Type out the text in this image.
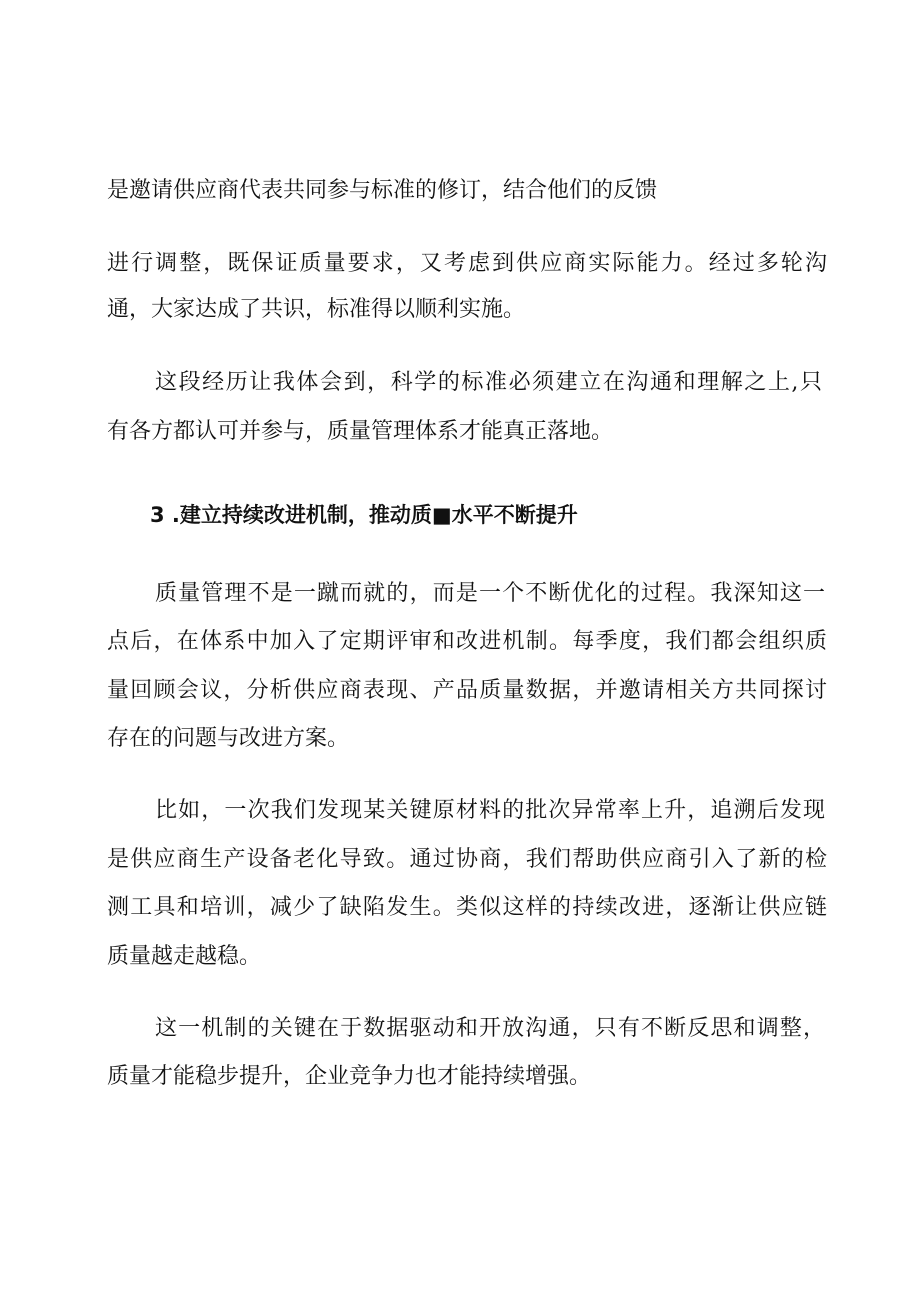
是邀请供应商代表共同参与标准的修订，结合他们的反馈
进行调整，既保证质量要求，又考虑到供应商实际能力。经过多轮沟
通，大家达成了共识，标准得以顺利实施。
这段经历让我体会到，科学的标准必须建立在沟通和理解之上,只
有各方都认可并参与，质量管理体系才能真正落地。
3 .建立持续改进机制，推动质■水平不断提升
质量管理不是一蹴而就的，而是一个不断优化的过程。我深知这一
点后，在体系中加入了定期评审和改进机制。每季度，我们都会组织质
量回顾会议，分析供应商表现、产品质量数据，并邀请相关方共同探讨
存在的问题与改进方案。
比如，一次我们发现某关键原材料的批次异常率上升，追溯后发现
是供应商生产设备老化导致。通过协商，我们帮助供应商引入了新的检
测工具和培训，减少了缺陷发生。类似这样的持续改进，逐渐让供应链
质量越走越稳。
这一机制的关键在于数据驱动和开放沟通，只有不断反思和调整，
质量才能稳步提升，企业竞争力也才能持续增强。
